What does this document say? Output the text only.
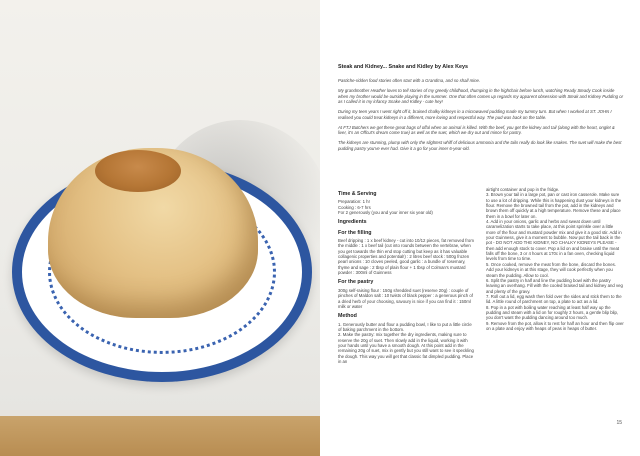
Steak and Kidney... Snake and Kidley by Alex Keys

Pastiche-ridden food stories often start with a Grandma, and so shall mine.

My grandmother Heather loves to tell stories of my greedy childhood, thumping in the highchair before lunch, watching Ready Steady Cook inside when my brother would be outside playing in the summer. One that often comes up regards my apparent obsession with Steak and Kidney Pudding or as I called it in my infancy Snake and Kidley - cute hey!

During my teen years I went right off it, braised chalky kidneys in a microwaved pudding made my tummy turn. But when I worked at ST. JOHN I realised you could treat kidneys in a different, more loving and respectful way. The pud was back on the table.

At FTJ Butchers we get these great bags of offal when an animal is killed. With the beef, you get the kidney and tail (along with the heart, onglet & liver, it's an Offcut's dream come true) as well as the suet, which we dry out and mince for pastry.

The kidneys are stunning, plump with only the slightest whiff of delicious ammonia and the tails really do look like snakes. The suet will make the best pudding pastry you've ever had. Give it a go for your inner 6-year-old.

Time & Serving

Preparation: 1 hr
Cooking : 6-7 hrs
For 2 generously (you and your inner six year old)

Ingredients
For the filling

Beef dripping : 1 x beef kidney - cut into 10/12 pieces, fat removed from the middle : 1 x beef tail (cut into rounds between the vertebrae, when you get towards the thin end stop cutting but keep as it has valuable collagenic properties and potential!) : 2 litres beef stock : 500g frozen pearl onions : 10 cloves peeled, good garlic : a bundle of rosemary, thyme and sage : 2 tbsp of plain flour + 1 tbsp of Colman's mustard powder : 300ml of Guinness

For the pastry

300g self-raising flour : 150g shredded suet (reserve 20g) : couple of pinches of Maldon salt : 10 twists of black pepper : a generous pinch of a dried herb of your choosing, savoury is nice if you can find it : 150ml milk or water

Method

1. Generously butter and flour a pudding bowl, I like to put a little circle of baking parchment in the bottom.
2. Make the pastry: mix together the dry ingredients, making sure to reserve the 20g of suet. Then slowly add in the liquid, working it with your hands until you have a smooth dough. At this point add in the remaining 20g of suet, mix in gently but you still want to see it speckling the dough. This way you will get that classic fat dimpled pudding. Place in an

airtight container and pop in the fridge.
3. Brown your tail in a large pot, pan or cast iron casserole. Make sure to use a lot of dripping. While this is happening dust your kidneys in the flour. Remove the browned tail from the pot, add in the kidneys and brown them off quickly at a high temperature. Remove these and place them in a bowl for later on.
4. Add in your onions, garlic and herbs and sweat down until caramelization starts to take place, at this point sprinkle over a little more of the flour and mustard powder mix and give it a good stir. Add in your Guinness, give it a moment to bubble. Now put the tail back in the pot - DO NOT ADD THE KIDNEY, NO CHALKY KIDNEYS PLEASE - then add enough stock to cover. Pop a lid on and braise until the meat falls off the bone, 3 or 4 hours at 170c in a fan oven, checking liquid levels from time to time.
5. Once cooked, remove the meat from the bone, discard the bones. Add your kidneys in at this stage, they will cook perfectly when you steam the pudding. Allow to cool.
6. Split the pastry in half and line the pudding bowl with the pastry leaving an overhang. Fill with the cooled braised tail and kidney and veg and plenty of the gravy.
7. Roll out a lid, egg wash then fold over the sides and stick them to the lid. A little round of parchment on top, a plate to act as a lid.
8. Pop in a pot with boiling water reaching at least half way up the pudding and steam with a lid on for roughly 2 hours, a gentle blip blip, you don't want the pudding dancing around too much.
9. Remove from the pot, allow it to rest for half an hour and then flip over on a plate and enjoy with heaps of peas in heaps of butter.

15
